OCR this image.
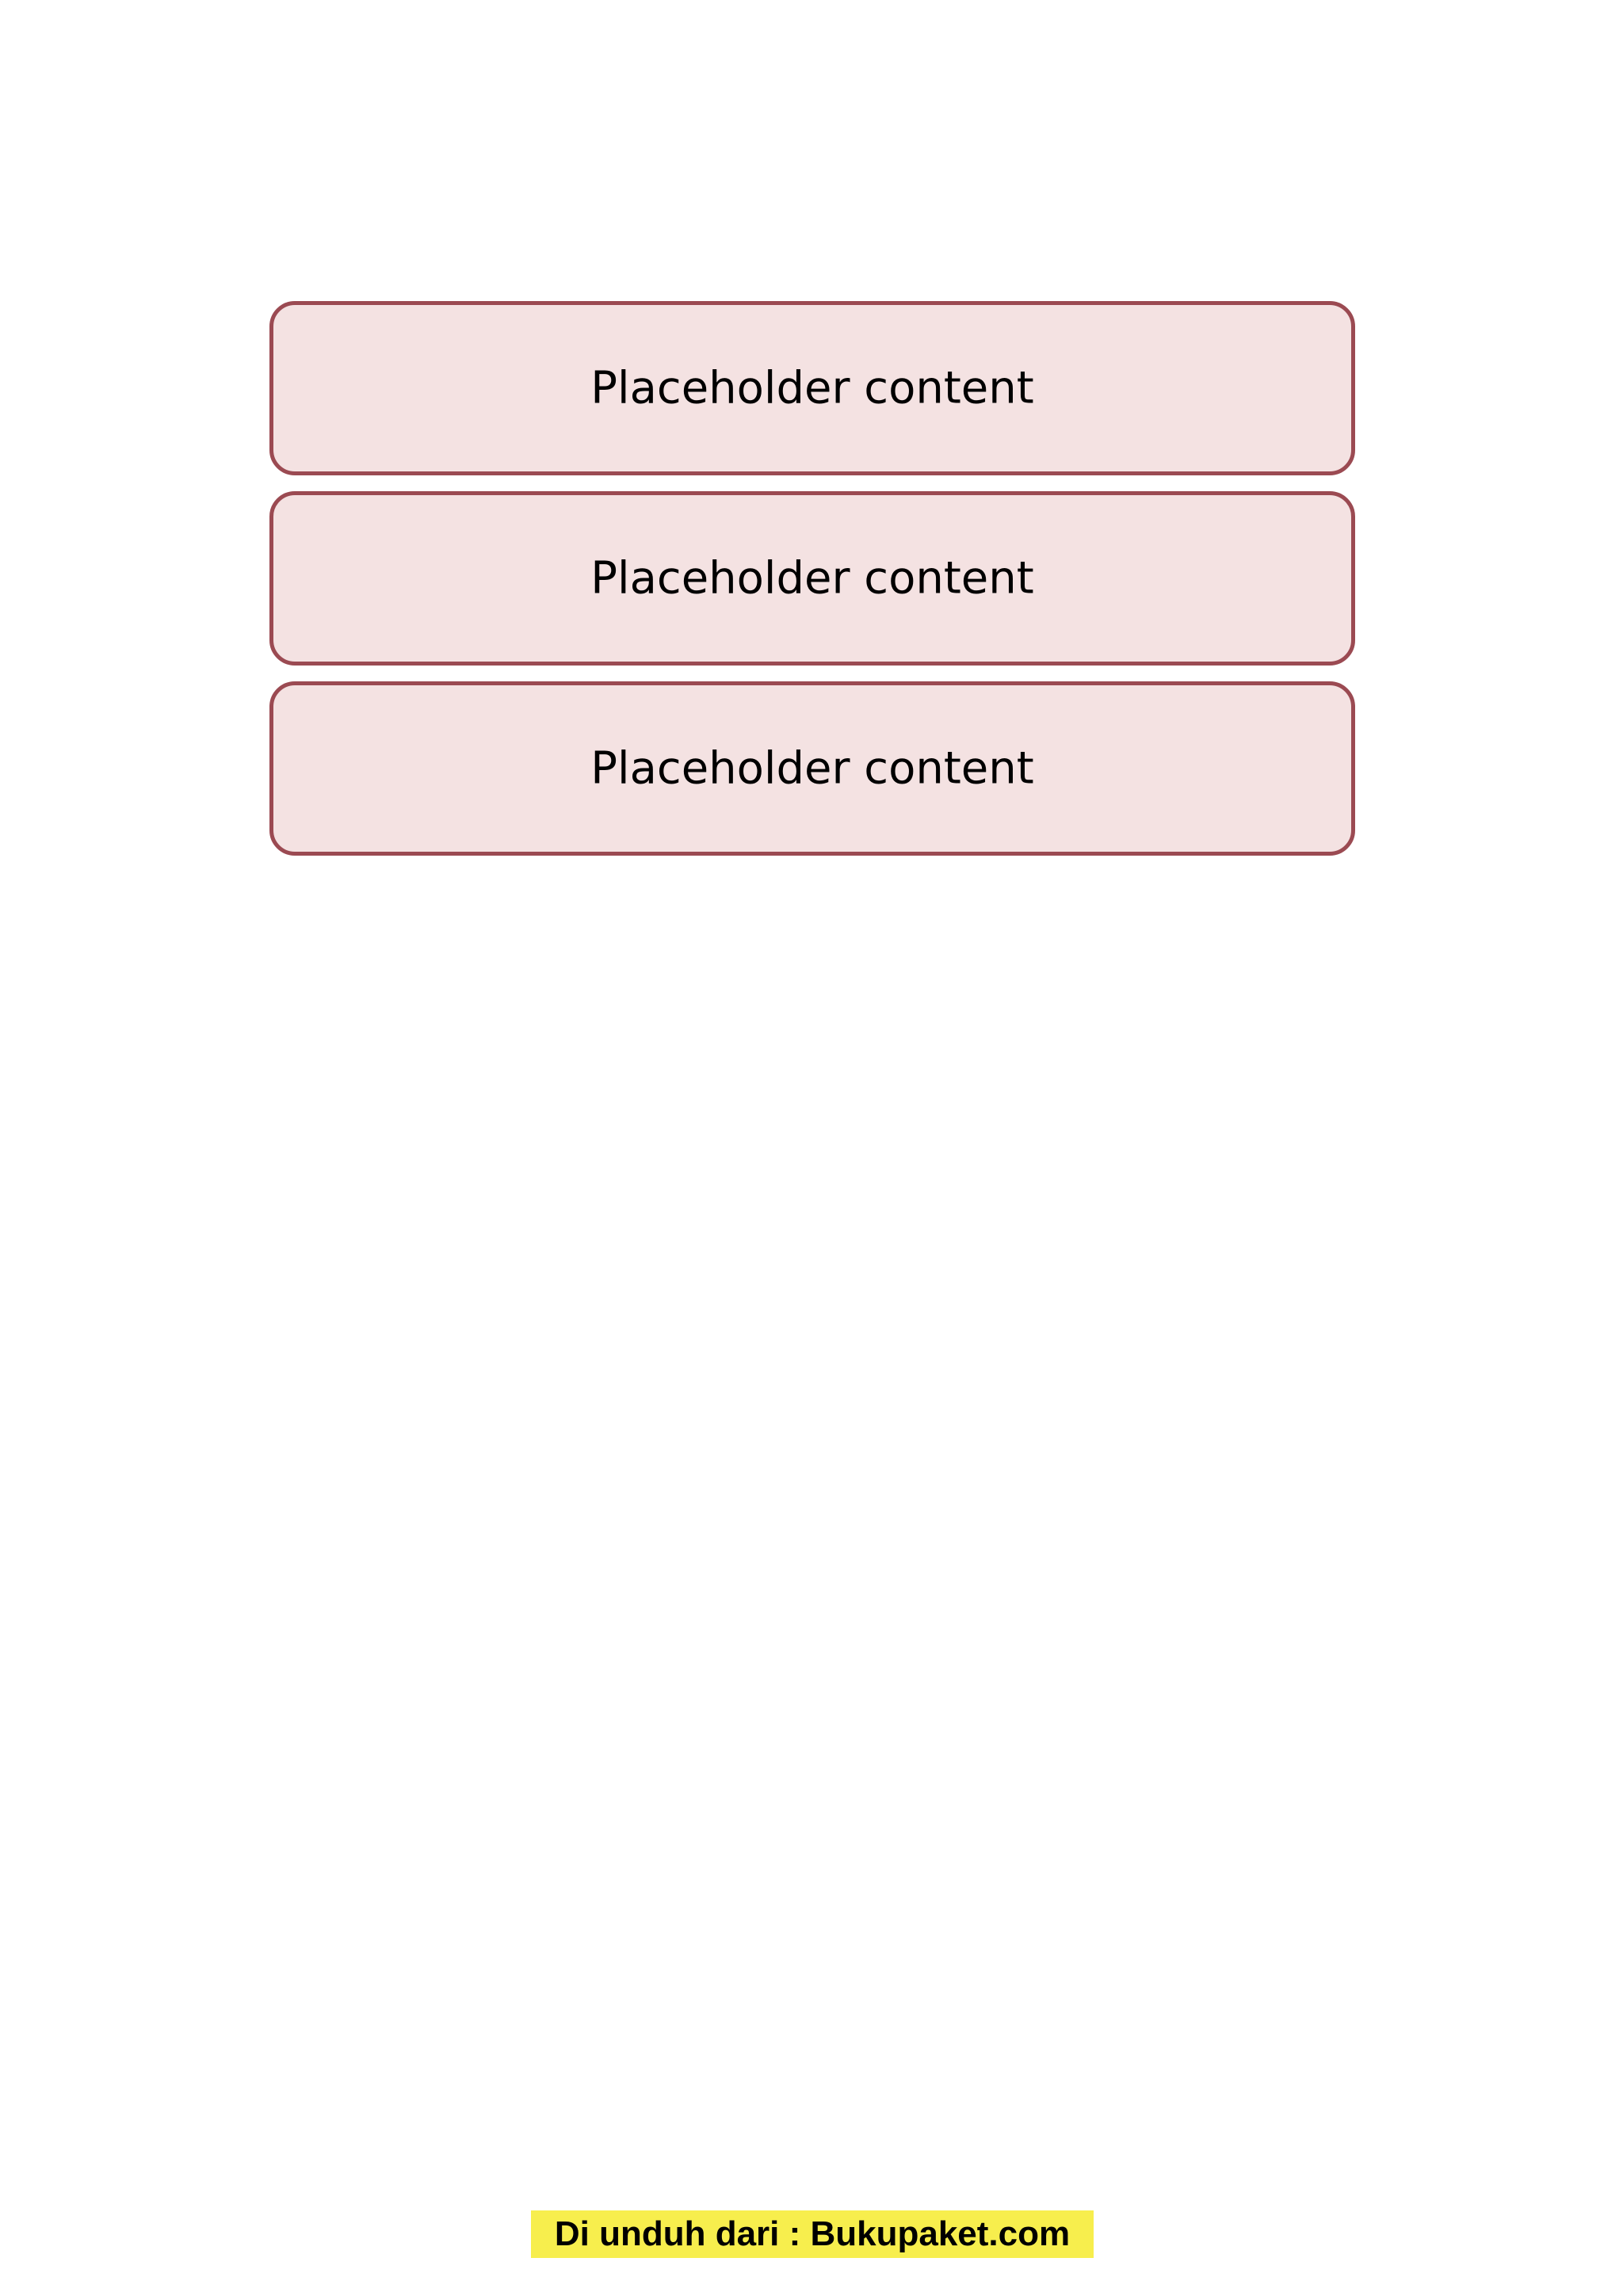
Placeholder content
Placeholder content
Placeholder content
Di unduh dari : Bukupaket.com
